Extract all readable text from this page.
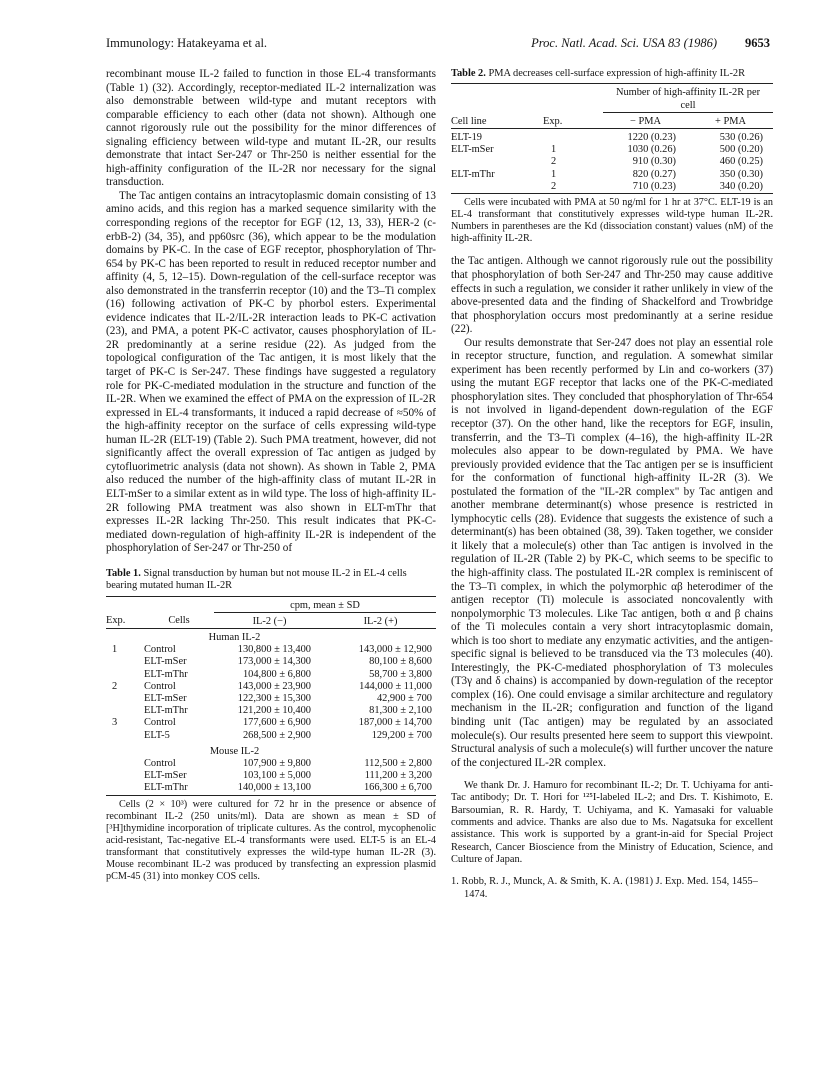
Immunology: Hatakeyama et al.	Proc. Natl. Acad. Sci. USA 83 (1986) 9653

recombinant mouse IL-2 failed to function in those EL-4 transformants (Table 1) (32). Accordingly, receptor-mediated IL-2 internalization was also demonstrable between wild-type and mutant receptors with comparable efficiency to each other (data not shown). Although one cannot rigorously rule out the possibility for the minor differences of signaling efficiency between wild-type and mutant IL-2R, our results demonstrate that intact Ser-247 or Thr-250 is neither essential for the high-affinity configuration of the IL-2R nor necessary for the signal transduction.

The Tac antigen contains an intracytoplasmic domain consisting of 13 amino acids, and this region has a marked sequence similarity with the corresponding regions of the receptor for EGF (12, 13, 33), HER-2 (c-erbB-2) (34, 35), and pp60src (36), which appear to be the modulation domains by PK-C. In the case of EGF receptor, phosphorylation of Thr-654 by PK-C has been reported to result in reduced receptor number and affinity (4, 5, 12–15). Down-regulation of the cell-surface receptor was also demonstrated in the transferrin receptor (10) and the T3–Ti complex (16) following activation of PK-C by phorbol esters. Experimental evidence indicates that IL-2/IL-2R interaction leads to PK-C activation (23), and PMA, a potent PK-C activator, causes phosphorylation of IL-2R predominantly at a serine residue (22). As judged from the topological configuration of the Tac antigen, it is most likely that the target of PK-C is Ser-247. These findings have suggested a regulatory role for PK-C-mediated modulation in the structure and function of the IL-2R. When we examined the effect of PMA on the expression of IL-2R expressed in EL-4 transformants, it induced a rapid decrease of ≈50% of the high-affinity receptor on the surface of cells expressing wild-type human IL-2R (ELT-19) (Table 2). Such PMA treatment, however, did not significantly affect the overall expression of Tac antigen as judged by cytofluorimetric analysis (data not shown). As shown in Table 2, PMA also reduced the number of the high-affinity class of mutant IL-2R in ELT-mSer to a similar extent as in wild type. The loss of high-affinity IL-2R following PMA treatment was also shown in ELT-mThr that expresses IL-2R lacking Thr-250. This result indicates that PK-C-mediated down-regulation of high-affinity IL-2R is independent of the phosphorylation of Ser-247 or Thr-250 of

Table 1. Signal transduction by human but not mouse IL-2 in EL-4 cells bearing mutated human IL-2R

		cpm, mean ± SD	
Exp.	Cells	IL-2 (−)	IL-2 (+)
	Human IL-2		
1	Control	130,800 ± 13,400	143,000 ± 12,900
	ELT-mSer	173,000 ± 14,300	80,100 ± 8,600
	ELT-mThr	104,800 ± 6,800	58,700 ± 3,800
2	Control	143,000 ± 23,900	144,000 ± 11,000
	ELT-mSer	122,300 ± 15,300	42,900 ± 700
	ELT-mThr	121,200 ± 10,400	81,300 ± 2,100
3	Control	177,600 ± 6,900	187,000 ± 14,700
	ELT-5	268,500 ± 2,900	129,200 ± 700
	Mouse IL-2		
	Control	107,900 ± 9,800	112,500 ± 2,800
	ELT-mSer	103,100 ± 5,000	111,200 ± 3,200
	ELT-mThr	140,000 ± 13,100	166,300 ± 6,700

Cells (2 × 10³) were cultured for 72 hr in the presence or absence of recombinant IL-2 (250 units/ml). Data are shown as mean ± SD of [³H]thymidine incorporation of triplicate cultures. As the control, mycophenolic acid-resistant, Tac-negative EL-4 transformants were used. ELT-5 is an EL-4 transformant that constitutively expresses the wild-type human IL-2R (3). Mouse recombinant IL-2 was produced by transfecting an expression plasmid pCM-45 (31) into monkey COS cells.

Table 2. PMA decreases cell-surface expression of high-affinity IL-2R

		Number of high-affinity IL-2R per cell	
Cell line	Exp.	− PMA	+ PMA

ELT-19		1220 (0.23)	530 (0.26)
ELT-mSer	1	1030 (0.26)	500 (0.20)
	2	910 (0.30)	460 (0.25)
ELT-mThr	1	820 (0.27)	350 (0.30)
	2	710 (0.23)	340 (0.20)

Cells were incubated with PMA at 50 ng/ml for 1 hr at 37°C. ELT-19 is an EL-4 transformant that constitutively expresses wild-type human IL-2R. Numbers in parentheses are the Kd (dissociation constant) values (nM) of the high-affinity IL-2R.

the Tac antigen. Although we cannot rigorously rule out the possibility that phosphorylation of both Ser-247 and Thr-250 may cause additive effects in such a regulation, we consider it rather unlikely in view of the above-presented data and the finding of Shackelford and Trowbridge that phosphorylation occurs most predominantly at a serine residue (22).

Our results demonstrate that Ser-247 does not play an essential role in receptor structure, function, and regulation. A somewhat similar experiment has been recently performed by Lin and co-workers (37) using the mutant EGF receptor that lacks one of the PK-C-mediated phosphorylation sites. They concluded that phosphorylation of Thr-654 is not involved in ligand-dependent down-regulation of the EGF receptor (37). On the other hand, like the receptors for EGF, insulin, transferrin, and the T3–Ti complex (4–16), the high-affinity IL-2R molecules also appear to be down-regulated by PMA. We have previously provided evidence that the Tac antigen per se is insufficient for the conformation of functional high-affinity IL-2R (3). We postulated the formation of the "IL-2R complex" by Tac antigen and another membrane determinant(s) whose presence is restricted in lymphocytic cells (28). Evidence that suggests the existence of such a determinant(s) has been obtained (38, 39). Taken together, we consider it likely that a molecule(s) other than Tac antigen is involved in the regulation of IL-2R (Table 2) by PK-C, which seems to be specific to the high-affinity class. The postulated IL-2R complex is reminiscent of the T3–Ti complex, in which the polymorphic αβ heterodimer of the antigen receptor (Ti) molecule is associated noncovalently with nonpolymorphic T3 molecules. Like Tac antigen, both α and β chains of the Ti molecules contain a very short intracytoplasmic domain, which is too short to mediate any enzymatic activities, and the antigen-specific signal is believed to be transduced via the T3 molecules (40). Interestingly, the PK-C-mediated phosphorylation of T3 molecules (T3γ and δ chains) is accompanied by down-regulation of the receptor complex (16). One could envisage a similar architecture and regulatory mechanism in the IL-2R; configuration and function of the ligand binding unit (Tac antigen) may be regulated by an associated molecule(s). Our results presented here seem to support this viewpoint. Structural analysis of such a molecule(s) will further uncover the nature of the conjectured IL-2R complex.

We thank Dr. J. Hamuro for recombinant IL-2; Dr. T. Uchiyama for anti-Tac antibody; Dr. T. Hori for ¹²⁵I-labeled IL-2; and Drs. T. Kishimoto, E. Barsoumian, R. R. Hardy, T. Uchiyama, and K. Yamasaki for valuable comments and advice. Thanks are also due to Ms. Nagatsuka for excellent assistance. This work is supported by a grant-in-aid for Special Project Research, Cancer Bioscience from the Ministry of Education, Science, and Culture of Japan.

1. Robb, R. J., Munck, A. & Smith, K. A. (1981) J. Exp. Med. 154, 1455–1474.
